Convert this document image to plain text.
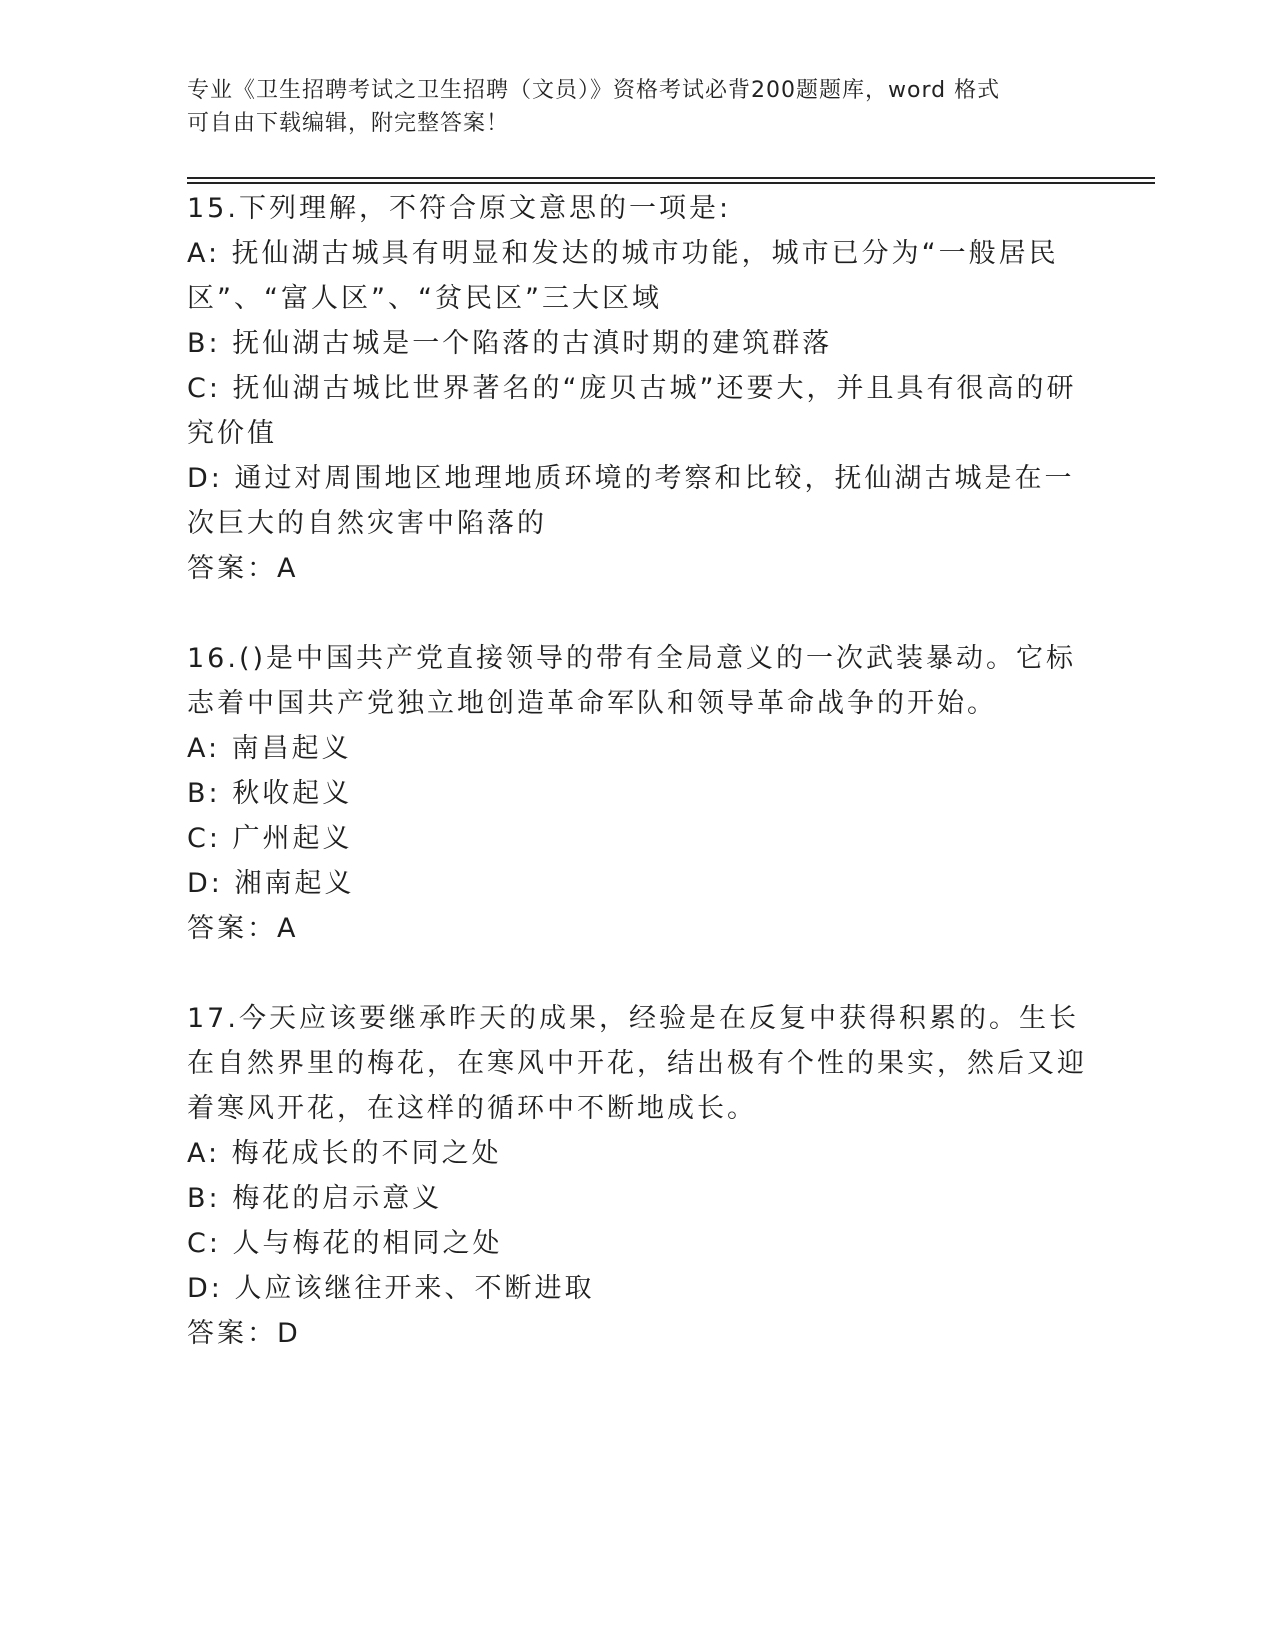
专业《卫生招聘考试之卫生招聘（文员）》资格考试必背200题题库，word 格式
可自由下载编辑，附完整答案！

15.下列理解，不符合原文意思的一项是:

A: 抚仙湖古城具有明显和发达的城市功能，城市已分为“一般居民区”、“富人区”、“贫民区”三大区域

B: 抚仙湖古城是一个陷落的古滇时期的建筑群落

C: 抚仙湖古城比世界著名的“庞贝古城”还要大，并且具有很高的研究价值

D: 通过对周围地区地理地质环境的考察和比较，抚仙湖古城是在一次巨大的自然灾害中陷落的

答案：A

16.()是中国共产党直接领导的带有全局意义的一次武装暴动。它标志着中国共产党独立地创造革命军队和领导革命战争的开始。

A: 南昌起义

B: 秋收起义

C: 广州起义

D: 湘南起义

答案：A

17.今天应该要继承昨天的成果，经验是在反复中获得积累的。生长在自然界里的梅花，在寒风中开花，结出极有个性的果实，然后又迎着寒风开花，在这样的循环中不断地成长。

A: 梅花成长的不同之处

B: 梅花的启示意义

C: 人与梅花的相同之处

D: 人应该继往开来、不断进取

答案：D
